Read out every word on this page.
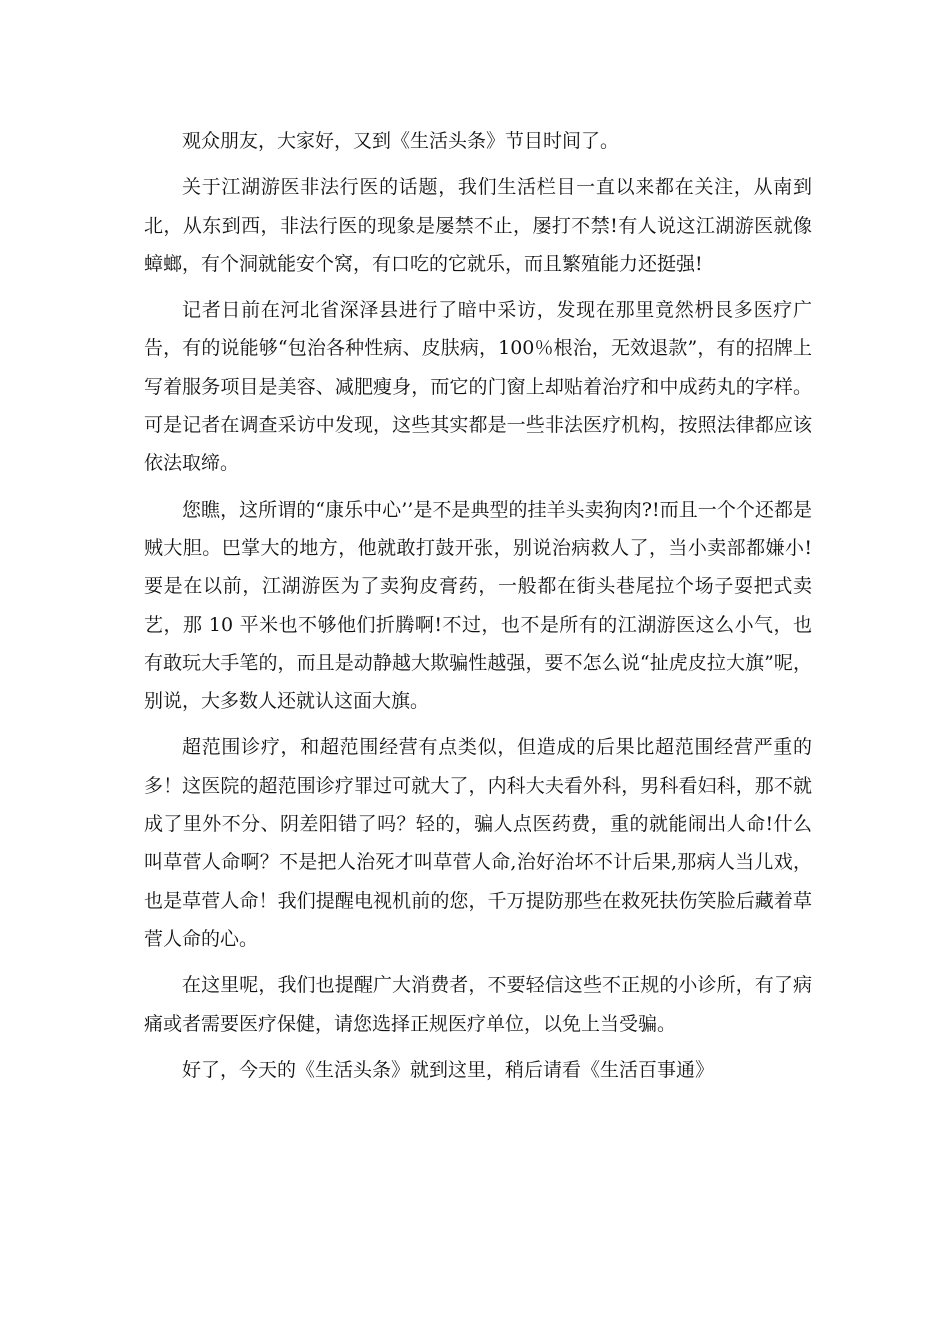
观众朋友，大家好，又到《生活头条》节目时间了。

关于江湖游医非法行医的话题，我们生活栏目一直以来都在关注，从南到北，从东到西，非法行医的现象是屡禁不止，屡打不禁!有人说这江湖游医就像蟑螂，有个洞就能安个窝，有口吃的它就乐，而且繁殖能力还挺强!

记者日前在河北省深泽县进行了暗中采访，发现在那里竟然枬艮多医疗广告，有的说能够“包治各种性病、皮肤病，100％根治，无效退款”，有的招牌上写着服务项目是美容、减肥瘦身，而它的门窗上却贴着治疗和中成药丸的字样。可是记者在调查采访中发现，这些其实都是一些非法医疗机构，按照法律都应该依法取缔。

您瞧，这所谓的“康乐中心’’是不是典型的挂羊头卖狗肉?!而且一个个还都是贼大胆。巴掌大的地方，他就敢打鼓开张，别说治病救人了，当小卖部都嫌小!要是在以前，江湖游医为了卖狗皮膏药，一般都在街头巷尾拉个场子耍把式卖艺，那 10 平米也不够他们折腾啊!不过，也不是所有的江湖游医这么小气，也有敢玩大手笔的，而且是动静越大欺骗性越强，要不怎么说“扯虎皮拉大旗”呢，别说，大多数人还就认这面大旗。

超范围诊疗，和超范围经营有点类似，但造成的后果比超范围经营严重的多！这医院的超范围诊疗罪过可就大了，内科大夫看外科，男科看妇科，那不就成了里外不分、阴差阳错了吗？轻的，骗人点医药费，重的就能闹出人命!什么叫草菅人命啊？不是把人治死才叫草菅人命,治好治坏不计后果,那病人当儿戏，也是草菅人命！我们提醒电视机前的您，千万提防那些在救死扶伤笑脸后藏着草菅人命的心。

在这里呢，我们也提醒广大消费者，不要轻信这些不正规的小诊所，有了病痛或者需要医疗保健，请您选择正规医疗单位，以免上当受骗。

好了，今天的《生活头条》就到这里，稍后请看《生活百事通》
